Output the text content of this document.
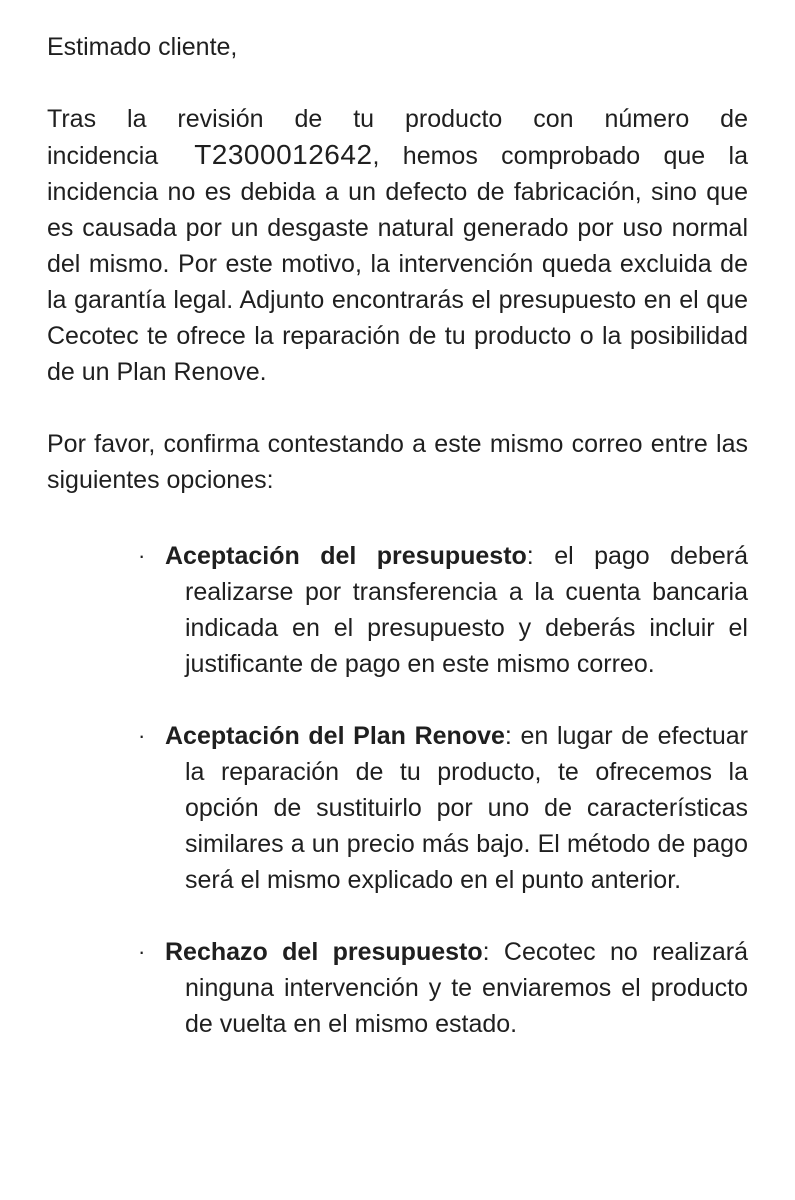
Estimado cliente,

Tras la revisión de tu producto con número de incidencia T2300012642, hemos comprobado que la incidencia no es debida a un defecto de fabricación, sino que es causada por un desgaste natural generado por uso normal del mismo. Por este motivo, la intervención queda excluida de la garantía legal. Adjunto encontrarás el presupuesto en el que Cecotec te ofrece la reparación de tu producto o la posibilidad de un Plan Renove.

Por favor, confirma contestando a este mismo correo entre las siguientes opciones:

· Aceptación del presupuesto: el pago deberá realizarse por transferencia a la cuenta bancaria indicada en el presupuesto y deberás incluir el justificante de pago en este mismo correo.
· Aceptación del Plan Renove: en lugar de efectuar la reparación de tu producto, te ofrecemos la opción de sustituirlo por uno de características similares a un precio más bajo. El método de pago será el mismo explicado en el punto anterior.
· Rechazo del presupuesto: Cecotec no realizará ninguna intervención y te enviaremos el producto de vuelta en el mismo estado.
